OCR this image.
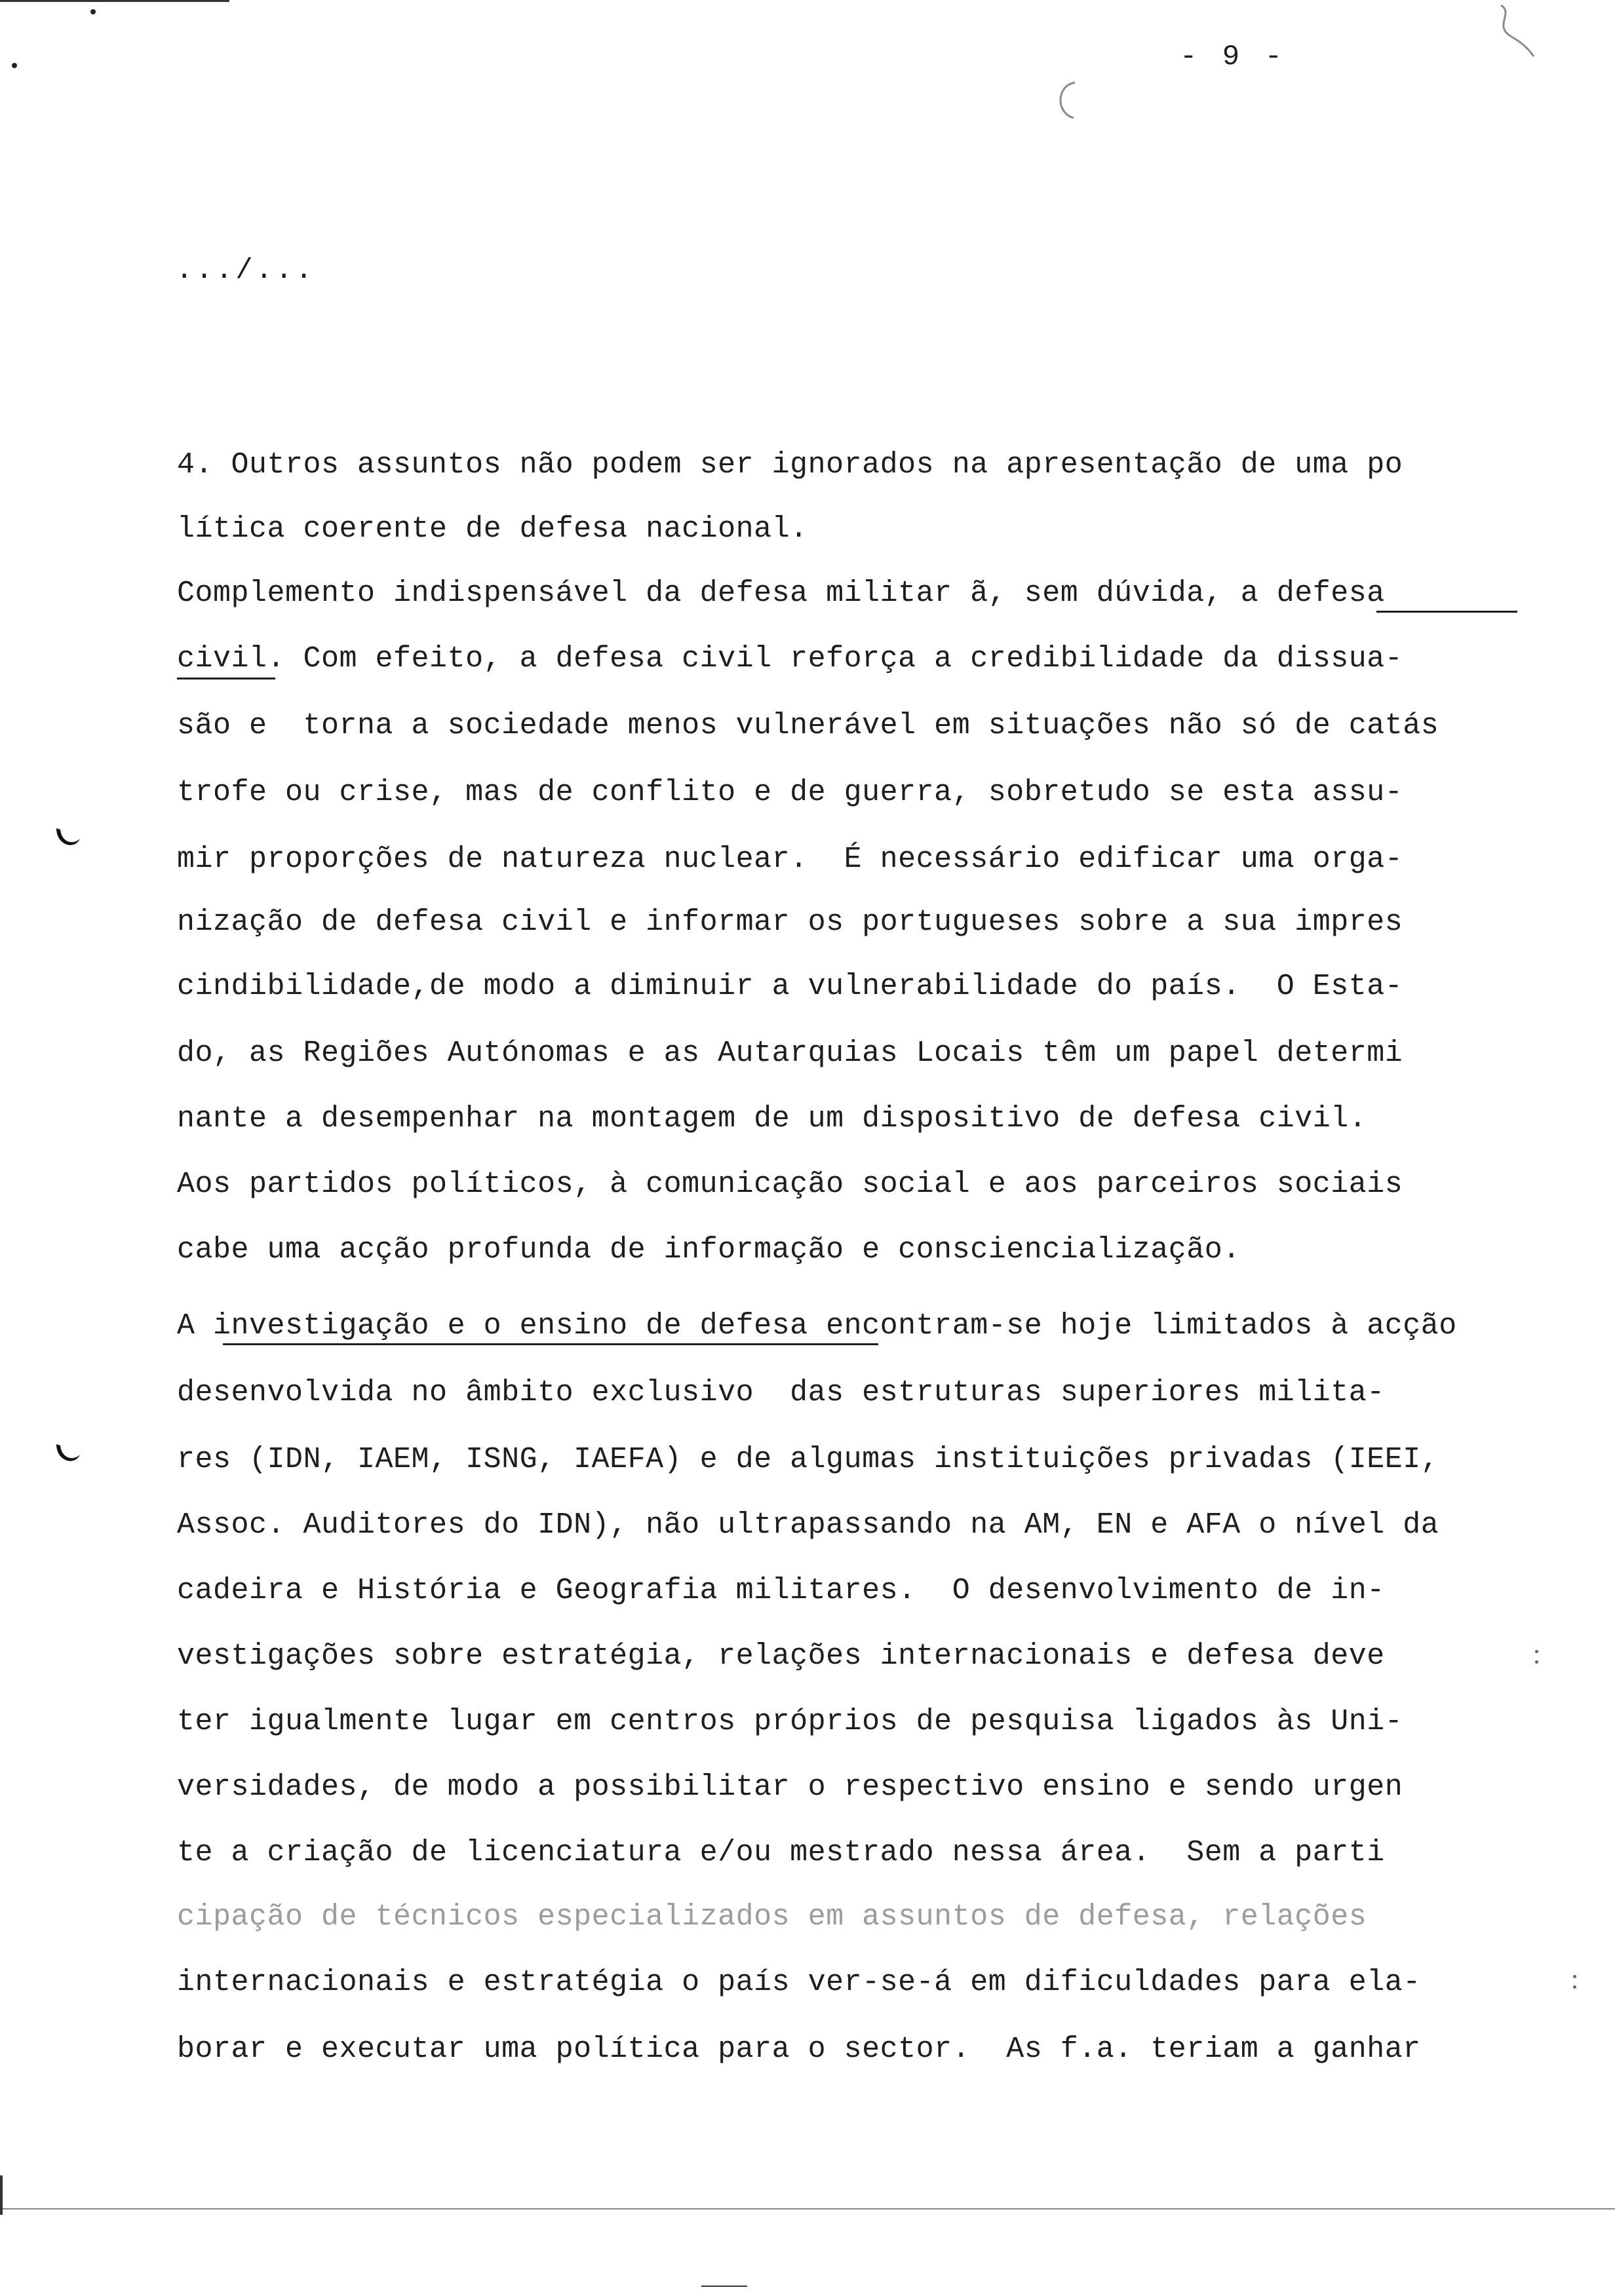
- 9 -
.../...
4. Outros assuntos não podem ser ignorados na apresentação de uma po
lítica coerente de defesa nacional.
Complemento indispensável da defesa militar ã, sem dúvida, a defesa
civil. Com efeito, a defesa civil reforça a credibilidade da dissua-
são e  torna a sociedade menos vulnerável em situações não só de catás
trofe ou crise, mas de conflito e de guerra, sobretudo se esta assu-
mir proporções de natureza nuclear.  É necessário edificar uma orga-
nização de defesa civil e informar os portugueses sobre a sua impres
cindibilidade,de modo a diminuir a vulnerabilidade do país.  O Esta-
do, as Regiões Autónomas e as Autarquias Locais têm um papel determi
nante a desempenhar na montagem de um dispositivo de defesa civil.
Aos partidos políticos, à comunicação social e aos parceiros sociais
cabe uma acção profunda de informação e consciencialização.
A investigação e o ensino de defesa encontram-se hoje limitados à acção
desenvolvida no âmbito exclusivo  das estruturas superiores milita-
res (IDN, IAEM, ISNG, IAEFA) e de algumas instituições privadas (IEEI,
Assoc. Auditores do IDN), não ultrapassando na AM, EN e AFA o nível da
cadeira e História e Geografia militares.  O desenvolvimento de in-
vestigações sobre estratégia, relações internacionais e defesa deve
ter igualmente lugar em centros próprios de pesquisa ligados às Uni-
versidades, de modo a possibilitar o respectivo ensino e sendo urgen
te a criação de licenciatura e/ou mestrado nessa área.  Sem a parti
cipação de técnicos especializados em assuntos de defesa, relações
internacionais e estratégia o país ver-se-á em dificuldades para ela-
borar e executar uma política para o sector.  As f.a. teriam a ganhar
